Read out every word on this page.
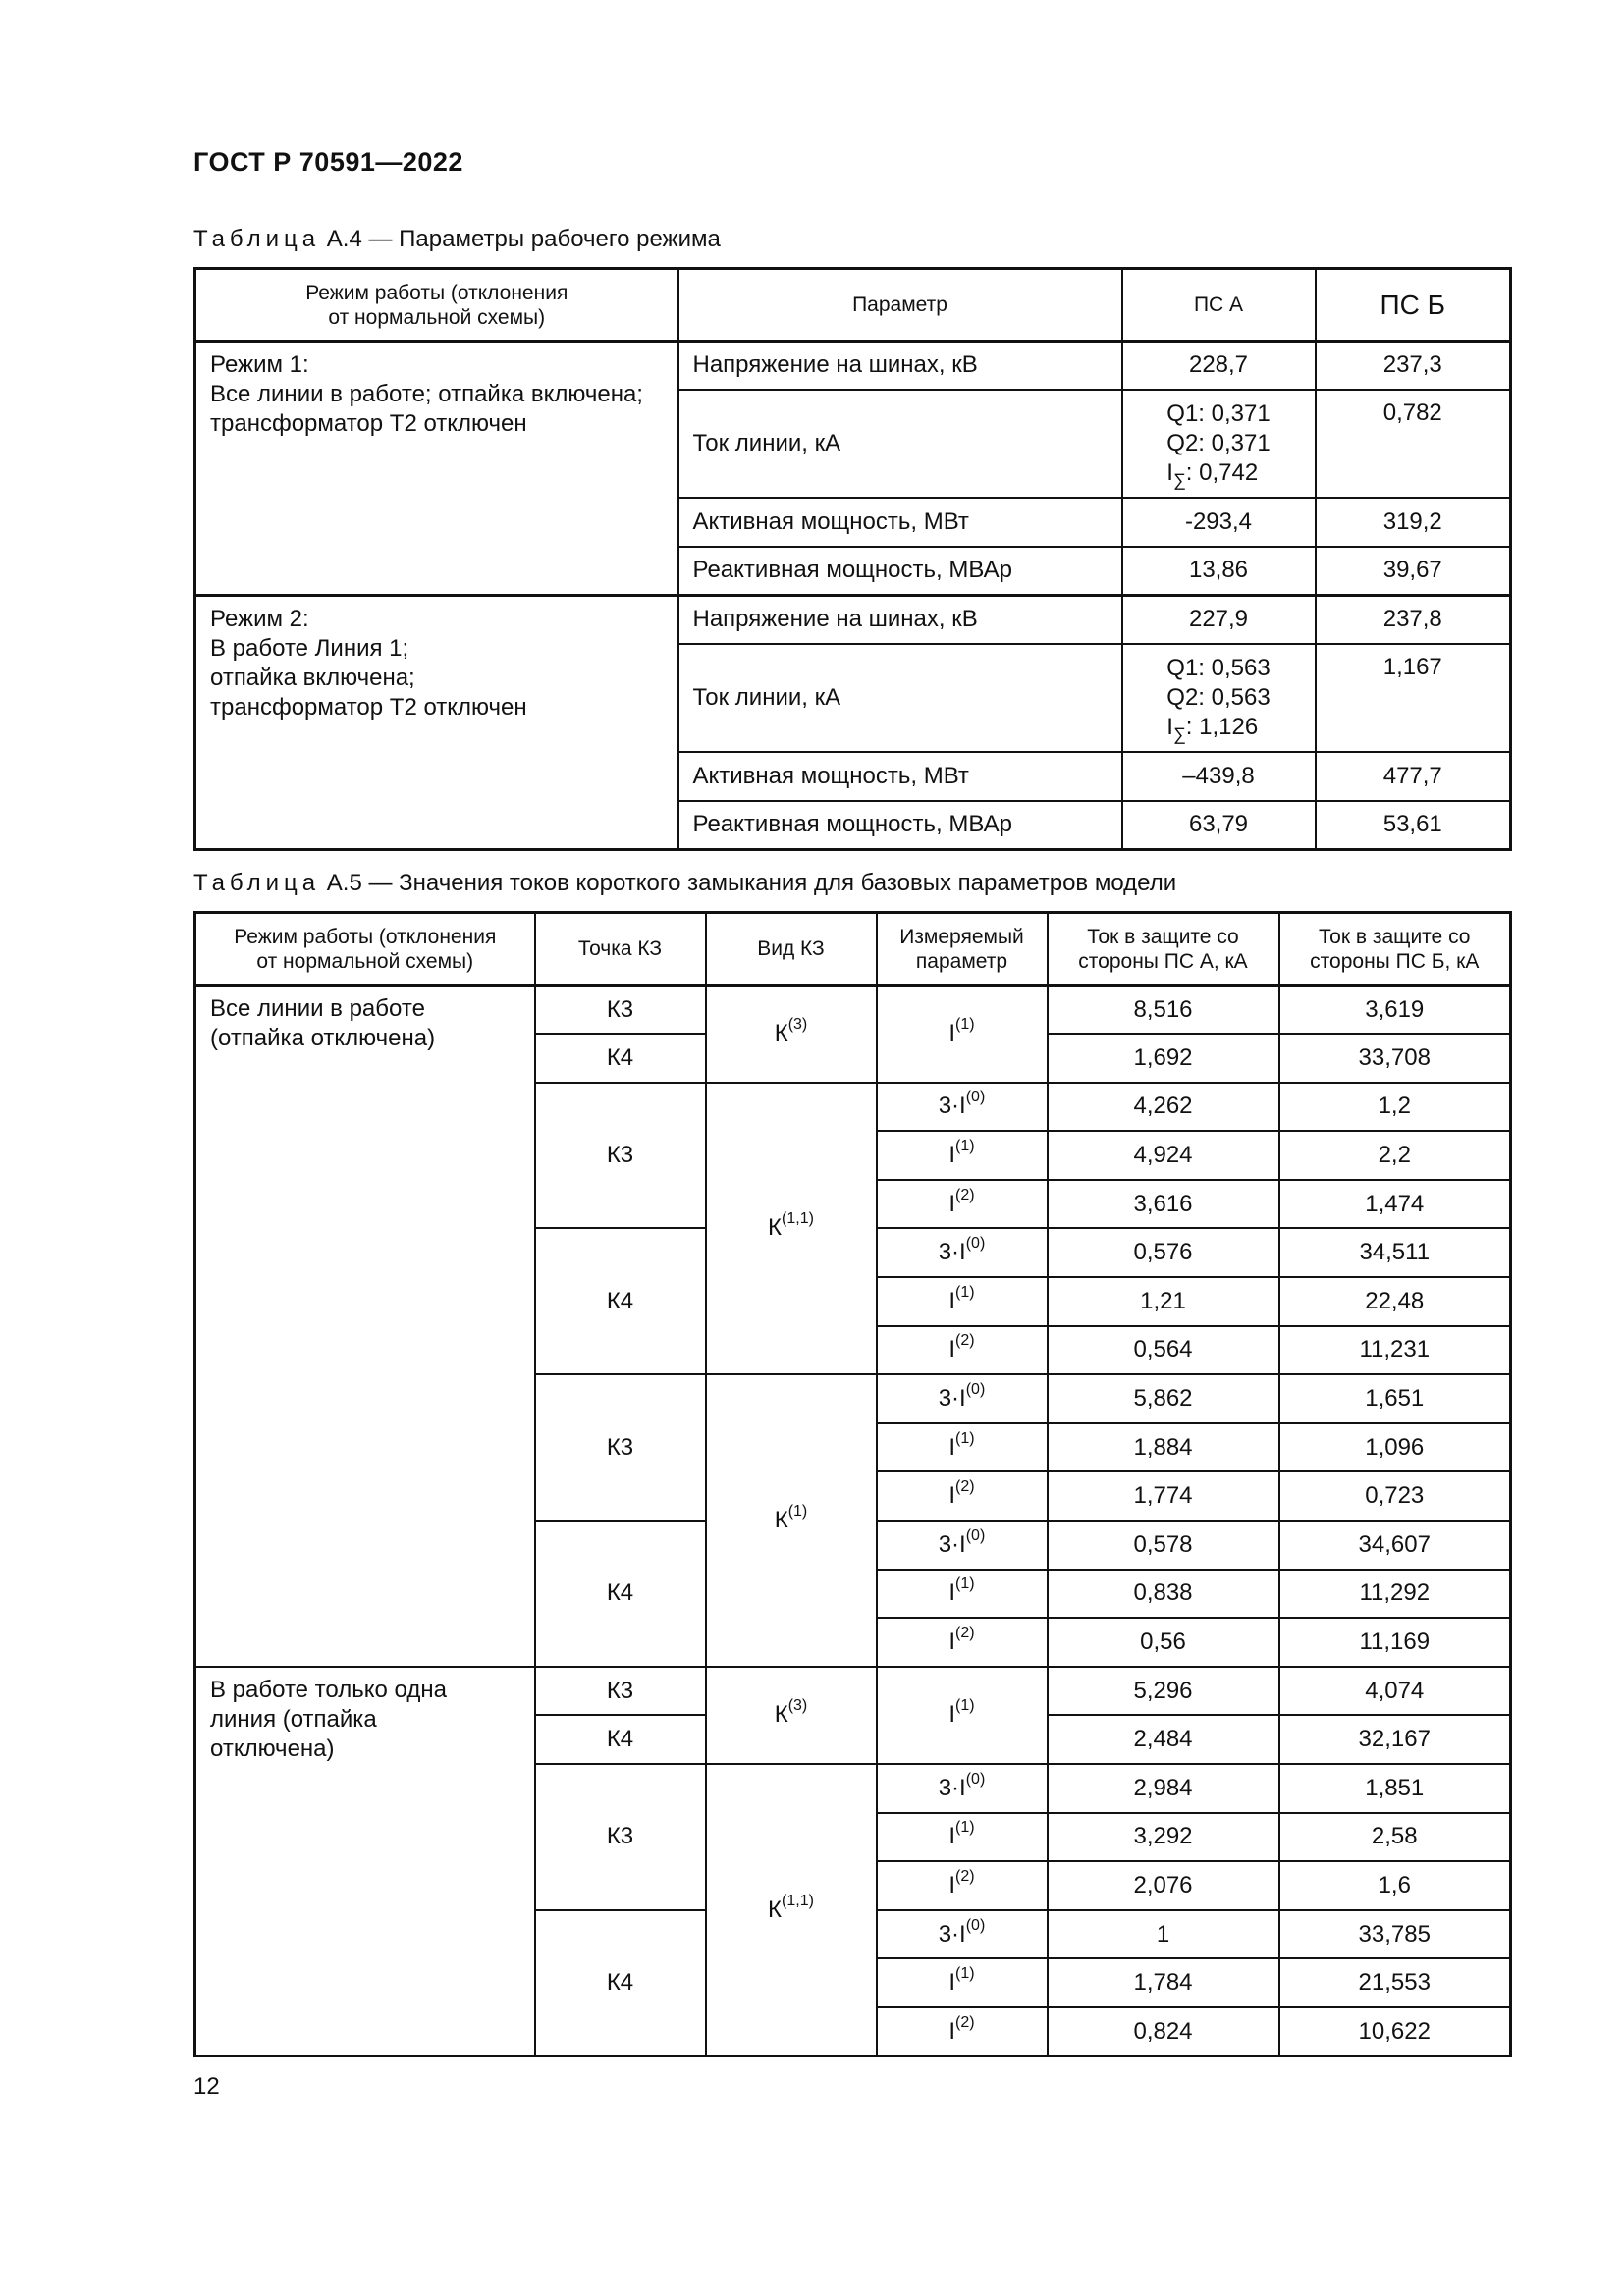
ГОСТ Р 70591—2022
Таблица А.4 — Параметры рабочего режима
Режим работы (отклонения
от нормальной схемы)	Параметр	ПС А	ПС Б
Режим 1:
Все линии в работе; отпайка включена;
трансформатор Т2 отключен	Напряжение на шинах, кВ	228,7	237,3
	Ток линии, кА	Q1: 0,371
Q2: 0,371
$I_\sum$: 0,742	0,782
	Активная мощность, МВт	-293,4	319,2
	Реактивная мощность, МВАр	13,86	39,67
Режим 2:
В работе Линия 1;
отпайка включена;
трансформатор Т2 отключен	Напряжение на шинах, кВ	227,9	237,8
	Ток линии, кА	Q1: 0,563
Q2: 0,563
$I_\sum$: 1,126	1,167
	Активная мощность, МВт	–439,8	477,7
	Реактивная мощность, МВАр	63,79	53,61
Таблица А.5 — Значения токов короткого замыкания для базовых параметров модели
Режим работы (отклонения
от нормальной схемы)	Точка КЗ	Вид КЗ	Измеряемый
параметр	Ток в защите со
стороны ПС А, кА	Ток в защите со
стороны ПС Б, кА
Все линии в работе
(отпайка отключена)	К3	$К^{(3)}$	$I^{(1)}$	8,516	3,619
	К4			1,692	33,708
	К3	К$^{(1,1)}$	$3\cdot I^{(0)}$	4,262	1,2
			$I^{(1)}$	4,924	2,2
			$I^{(2)}$	3,616	1,474
	К4		$3\cdot I^{(0)}$	0,576	34,511
			$I^{(1)}$	1,21	22,48
			$I^{(2)}$	0,564	11,231
	К3	$К^{(1)}$	$3\cdot I^{(0)}$	5,862	1,651
			$I^{(1)}$	1,884	1,096
			$I^{(2)}$	1,774	0,723
	К4		$3\cdot I^{(0)}$	0,578	34,607
			$I^{(1)}$	0,838	11,292
			$I^{(2)}$	0,56	11,169
В работе только одна
линия (отпайка
отключена)	К3	$К^{(3)}$	$I^{(1)}$	5,296	4,074
	К4			2,484	32,167
	К3	К$^{(1,1)}$	$3\cdot I^{(0)}$	2,984	1,851
			$I^{(1)}$	3,292	2,58
			$I^{(2)}$	2,076	1,6
	К4		$3\cdot I^{(0)}$	1	33,785
			$I^{(1)}$	1,784	21,553
			$I^{(2)}$	0,824	10,622
12
